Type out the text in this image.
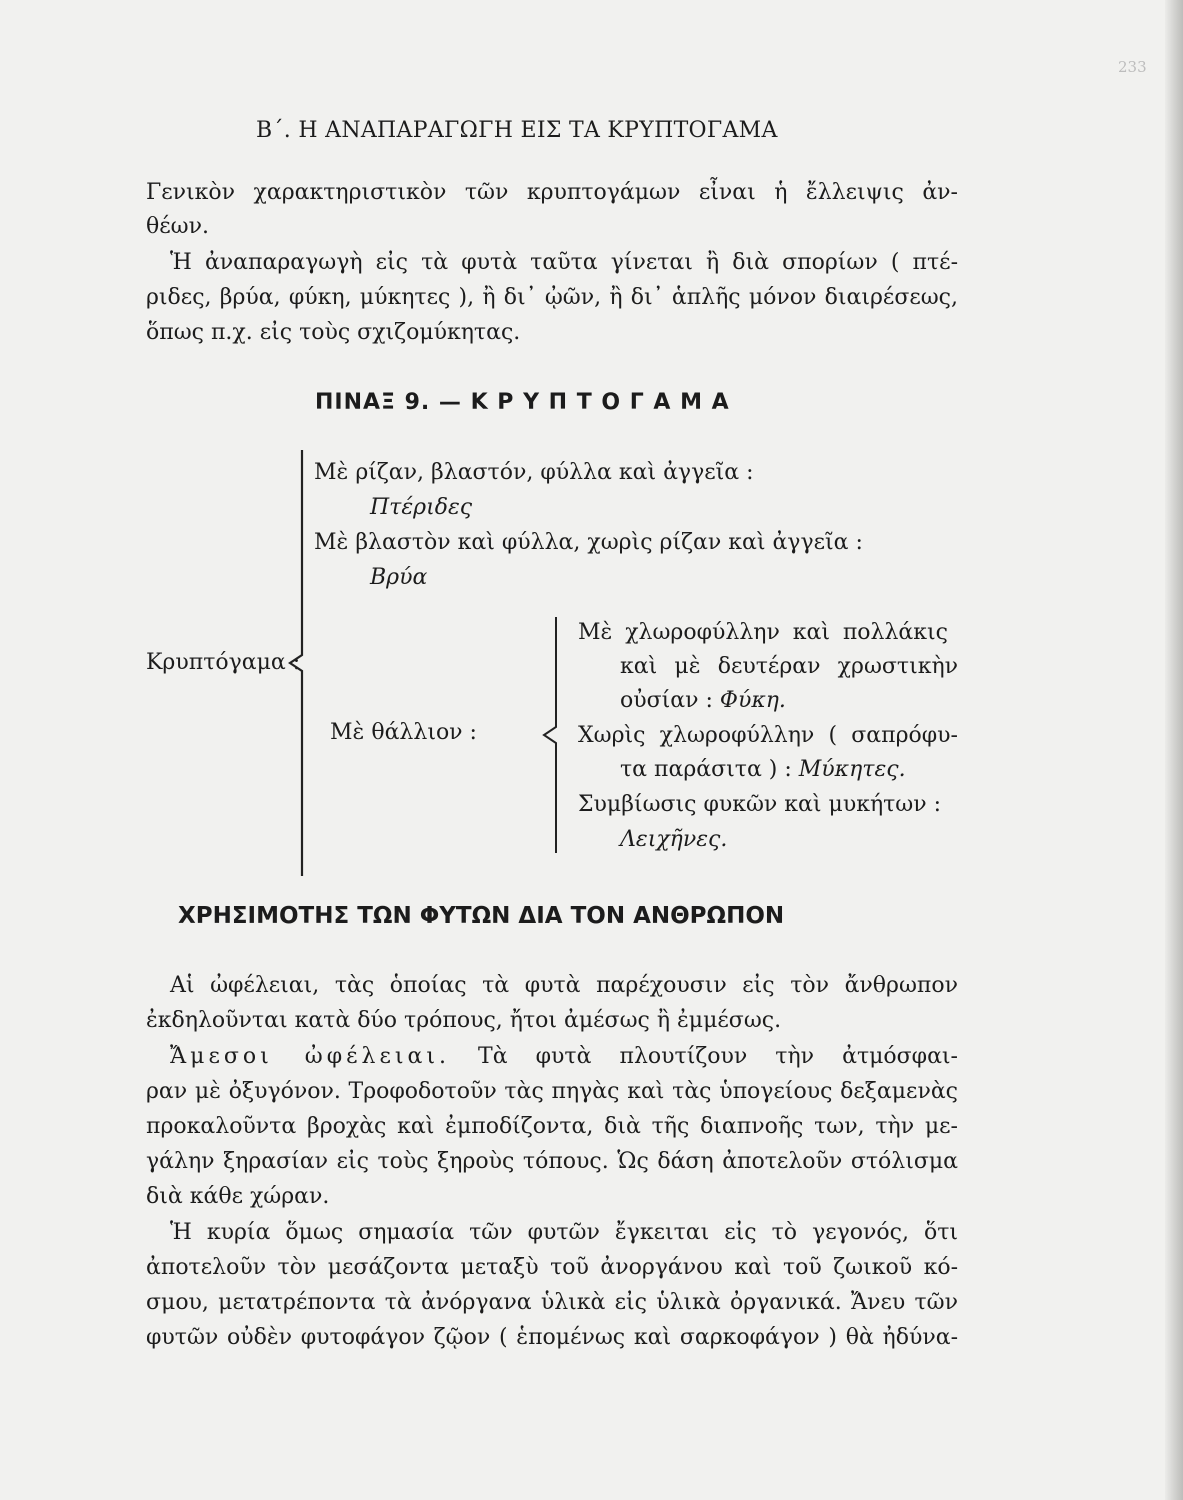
233
Β΄. Η ΑΝΑΠΑΡΑΓΩΓΗ ΕΙΣ ΤΑ ΚΡΥΠΤΟΓΑΜΑ
Γενικὸν χαρακτηριστικὸν τῶν κρυπτογάμων εἶναι ἡ ἔλλειψις ἀν-
θέων.
Ἡ ἀναπαραγωγὴ εἰς τὰ φυτὰ ταῦτα γίνεται ἢ διὰ σπορίων ( πτέ-
ριδες, βρύα, φύκη, μύκητες ), ἢ δι᾽ ᾠῶν, ἢ δι᾽ ἁπλῆς μόνον διαιρέσεως,
ὅπως π.χ. εἰς τοὺς σχιζομύκητας.
ΠΙΝΑΞ 9. — Κ Ρ Υ Π Τ Ο Γ Α Μ Α
Κρυπτόγαμα :
Μὲ ρίζαν, βλαστόν, φύλλα καὶ ἀγγεῖα :
Πτέριδες
Μὲ βλαστὸν καὶ φύλλα, χωρὶς ρίζαν καὶ ἀγγεῖα :
Βρύα
Μὲ θάλλιον :
Μὲ χλωροφύλλην καὶ πολλάκις
καὶ μὲ δευτέραν χρωστικὴν
οὐσίαν : Φύκη.
Χωρὶς χλωροφύλλην ( σαπρόφυ-
τα παράσιτα ) : Μύκητες.
Συμβίωσις φυκῶν καὶ μυκήτων :
Λειχῆνες.
ΧΡΗΣΙΜΟΤΗΣ ΤΩΝ ΦΥΤΩΝ ΔΙΑ ΤΟΝ ΑΝΘΡΩΠΟΝ
Αἱ ὠφέλειαι, τὰς ὁποίας τὰ φυτὰ παρέχουσιν εἰς τὸν ἄνθρωπον
ἐκδηλοῦνται κατὰ δύο τρόπους, ἤτοι ἀμέσως ἢ ἐμμέσως.
Ἄμεσοι ὠφέλειαι. Τὰ φυτὰ πλουτίζουν τὴν ἀτμόσφαι-
ραν μὲ ὀξυγόνον. Τροφοδοτοῦν τὰς πηγὰς καὶ τὰς ὑπογείους δεξαμενὰς
προκαλοῦντα βροχὰς καὶ ἐμποδίζοντα, διὰ τῆς διαπνοῆς των, τὴν με-
γάλην ξηρασίαν εἰς τοὺς ξηροὺς τόπους. Ὡς δάση ἀποτελοῦν στόλισμα
διὰ κάθε χώραν.
Ἡ κυρία ὅμως σημασία τῶν φυτῶν ἔγκειται εἰς τὸ γεγονός, ὅτι
ἀποτελοῦν τὸν μεσάζοντα μεταξὺ τοῦ ἀνοργάνου καὶ τοῦ ζωικοῦ κό-
σμου, μετατρέποντα τὰ ἀνόργανα ὑλικὰ εἰς ὑλικὰ ὀργανικά. Ἄνευ τῶν
φυτῶν οὐδὲν φυτοφάγον ζῷον ( ἑπομένως καὶ σαρκοφάγον ) θὰ ἠδύνα-
